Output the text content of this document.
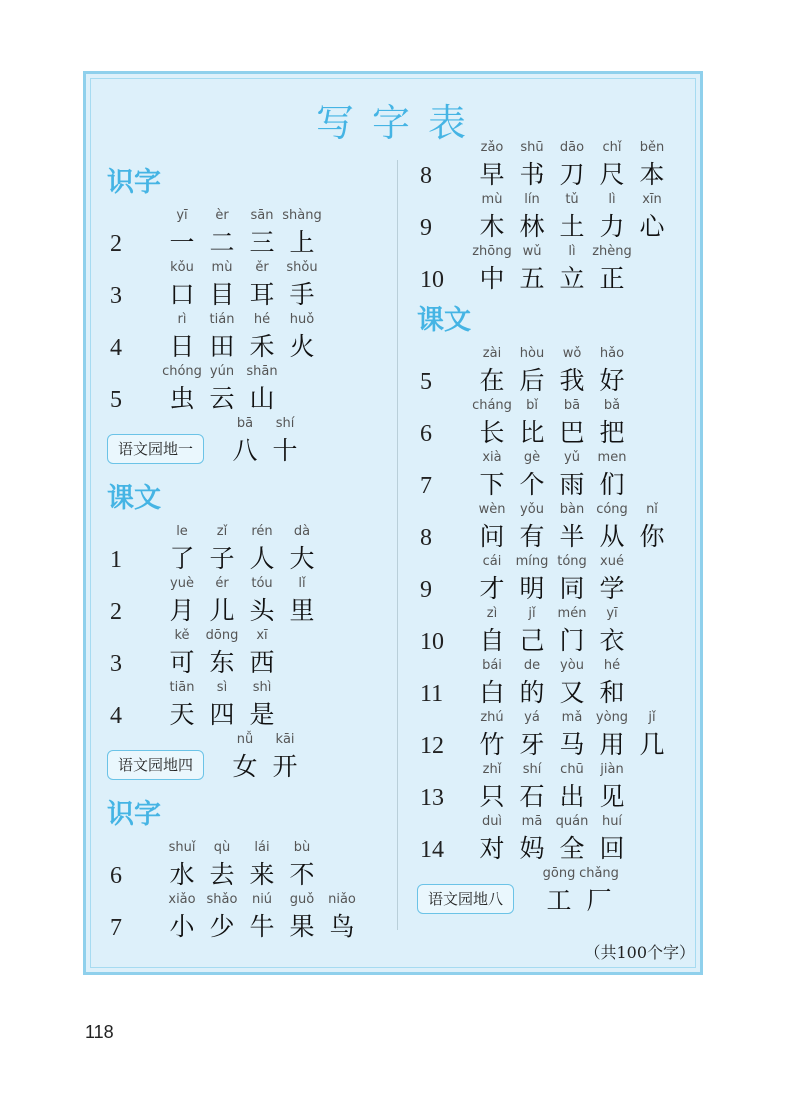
写字表
识字
2
yī
一
èr
二
sān
三
shàng
上
3
kǒu
口
mù
目
ěr
耳
shǒu
手
4
rì
日
tián
田
hé
禾
huǒ
火
5
chóng
虫
yún
云
shān
山
语文园地一
bā
八
shí
十
课文
1
le
了
zǐ
子
rén
人
dà
大
2
yuè
月
ér
儿
tóu
头
lǐ
里
3
kě
可
dōng
东
xī
西
4
tiān
天
sì
四
shì
是
语文园地四
nǚ
女
kāi
开
识字
6
shuǐ
水
qù
去
lái
来
bù
不
7
xiǎo
小
shǎo
少
niú
牛
guǒ
果
niǎo
鸟
8
zǎo
早
shū
书
dāo
刀
chǐ
尺
běn
本
9
mù
木
lín
林
tǔ
土
lì
力
xīn
心
10
zhōng
中
wǔ
五
lì
立
zhèng
正
课文
5
zài
在
hòu
后
wǒ
我
hǎo
好
6
cháng
长
bǐ
比
bā
巴
bǎ
把
7
xià
下
gè
个
yǔ
雨
men
们
8
wèn
问
yǒu
有
bàn
半
cóng
从
nǐ
你
9
cái
才
míng
明
tóng
同
xué
学
10
zì
自
jǐ
己
mén
门
yī
衣
11
bái
白
de
的
yòu
又
hé
和
12
zhú
竹
yá
牙
mǎ
马
yòng
用
jǐ
几
13
zhǐ
只
shí
石
chū
出
jiàn
见
14
duì
对
mā
妈
quán
全
huí
回
语文园地八
gōng
工
chǎng
厂
（共100个字）
118
